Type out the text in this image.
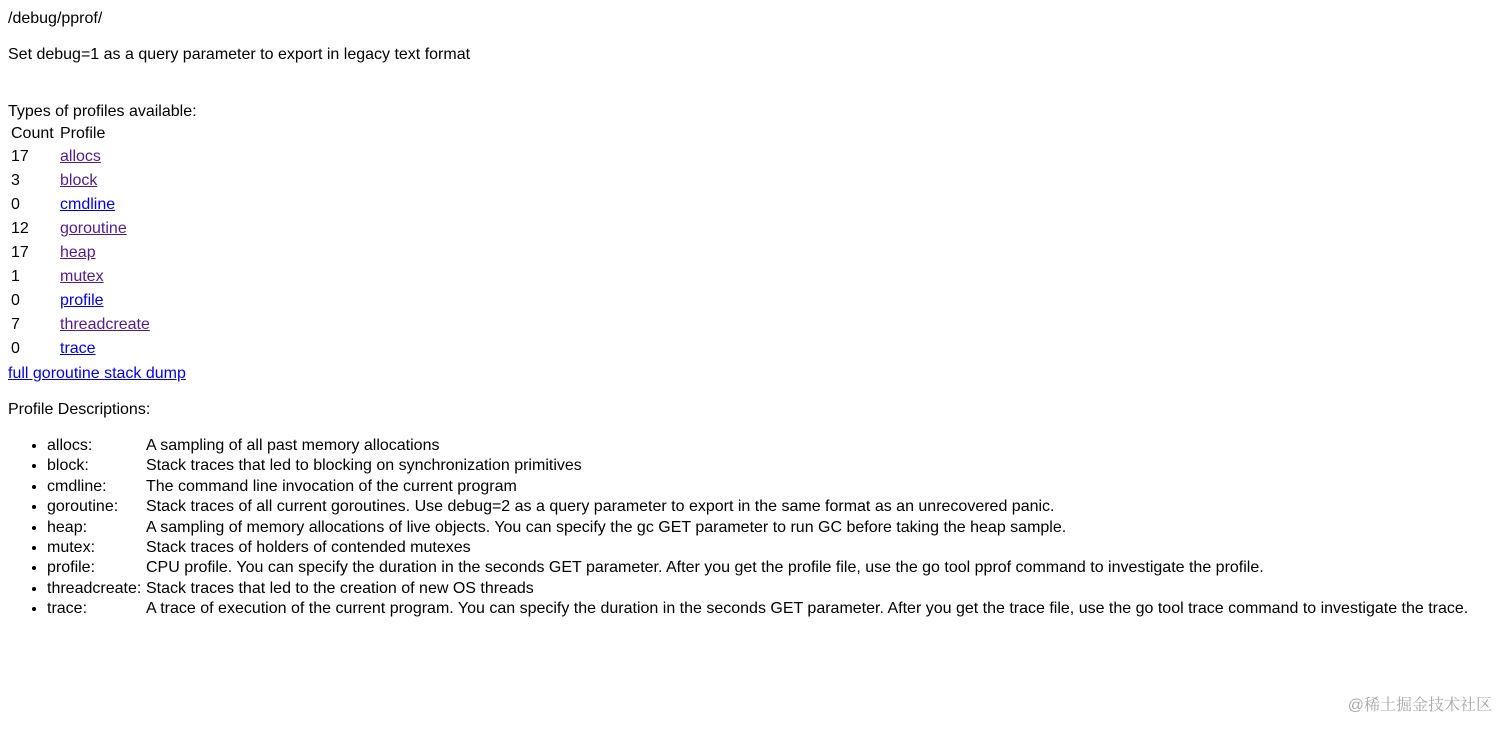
/debug/pprof/
Set debug=1 as a query parameter to export in legacy text format
Types of profiles available:
Count	Profile
17	allocs
3	block
0	cmdline
12	goroutine
17	heap
1	mutex
0	profile
7	threadcreate
0	trace
full goroutine stack dump
Profile Descriptions:
• allocs:	A sampling of all past memory allocations
• block:	Stack traces that led to blocking on synchronization primitives
• cmdline: The command line invocation of the current program
• goroutine: Stack traces of all current goroutines. Use debug=2 as a query parameter to export in the same format as an unrecovered panic.
• heap:	A sampling of memory allocations of live objects. You can specify the gc GET parameter to run GC before taking the heap sample.
• mutex:	Stack traces of holders of contended mutexes
• profile:	CPU profile. You can specify the duration in the seconds GET parameter. After you get the profile file, use the go tool pprof command to investigate the profile.
• threadcreate: Stack traces that led to the creation of new OS threads
• trace:	A trace of execution of the current program. You can specify the duration in the seconds GET parameter. After you get the trace file, use the go tool trace command to investigate the trace.
@稀土掘金技术社区
